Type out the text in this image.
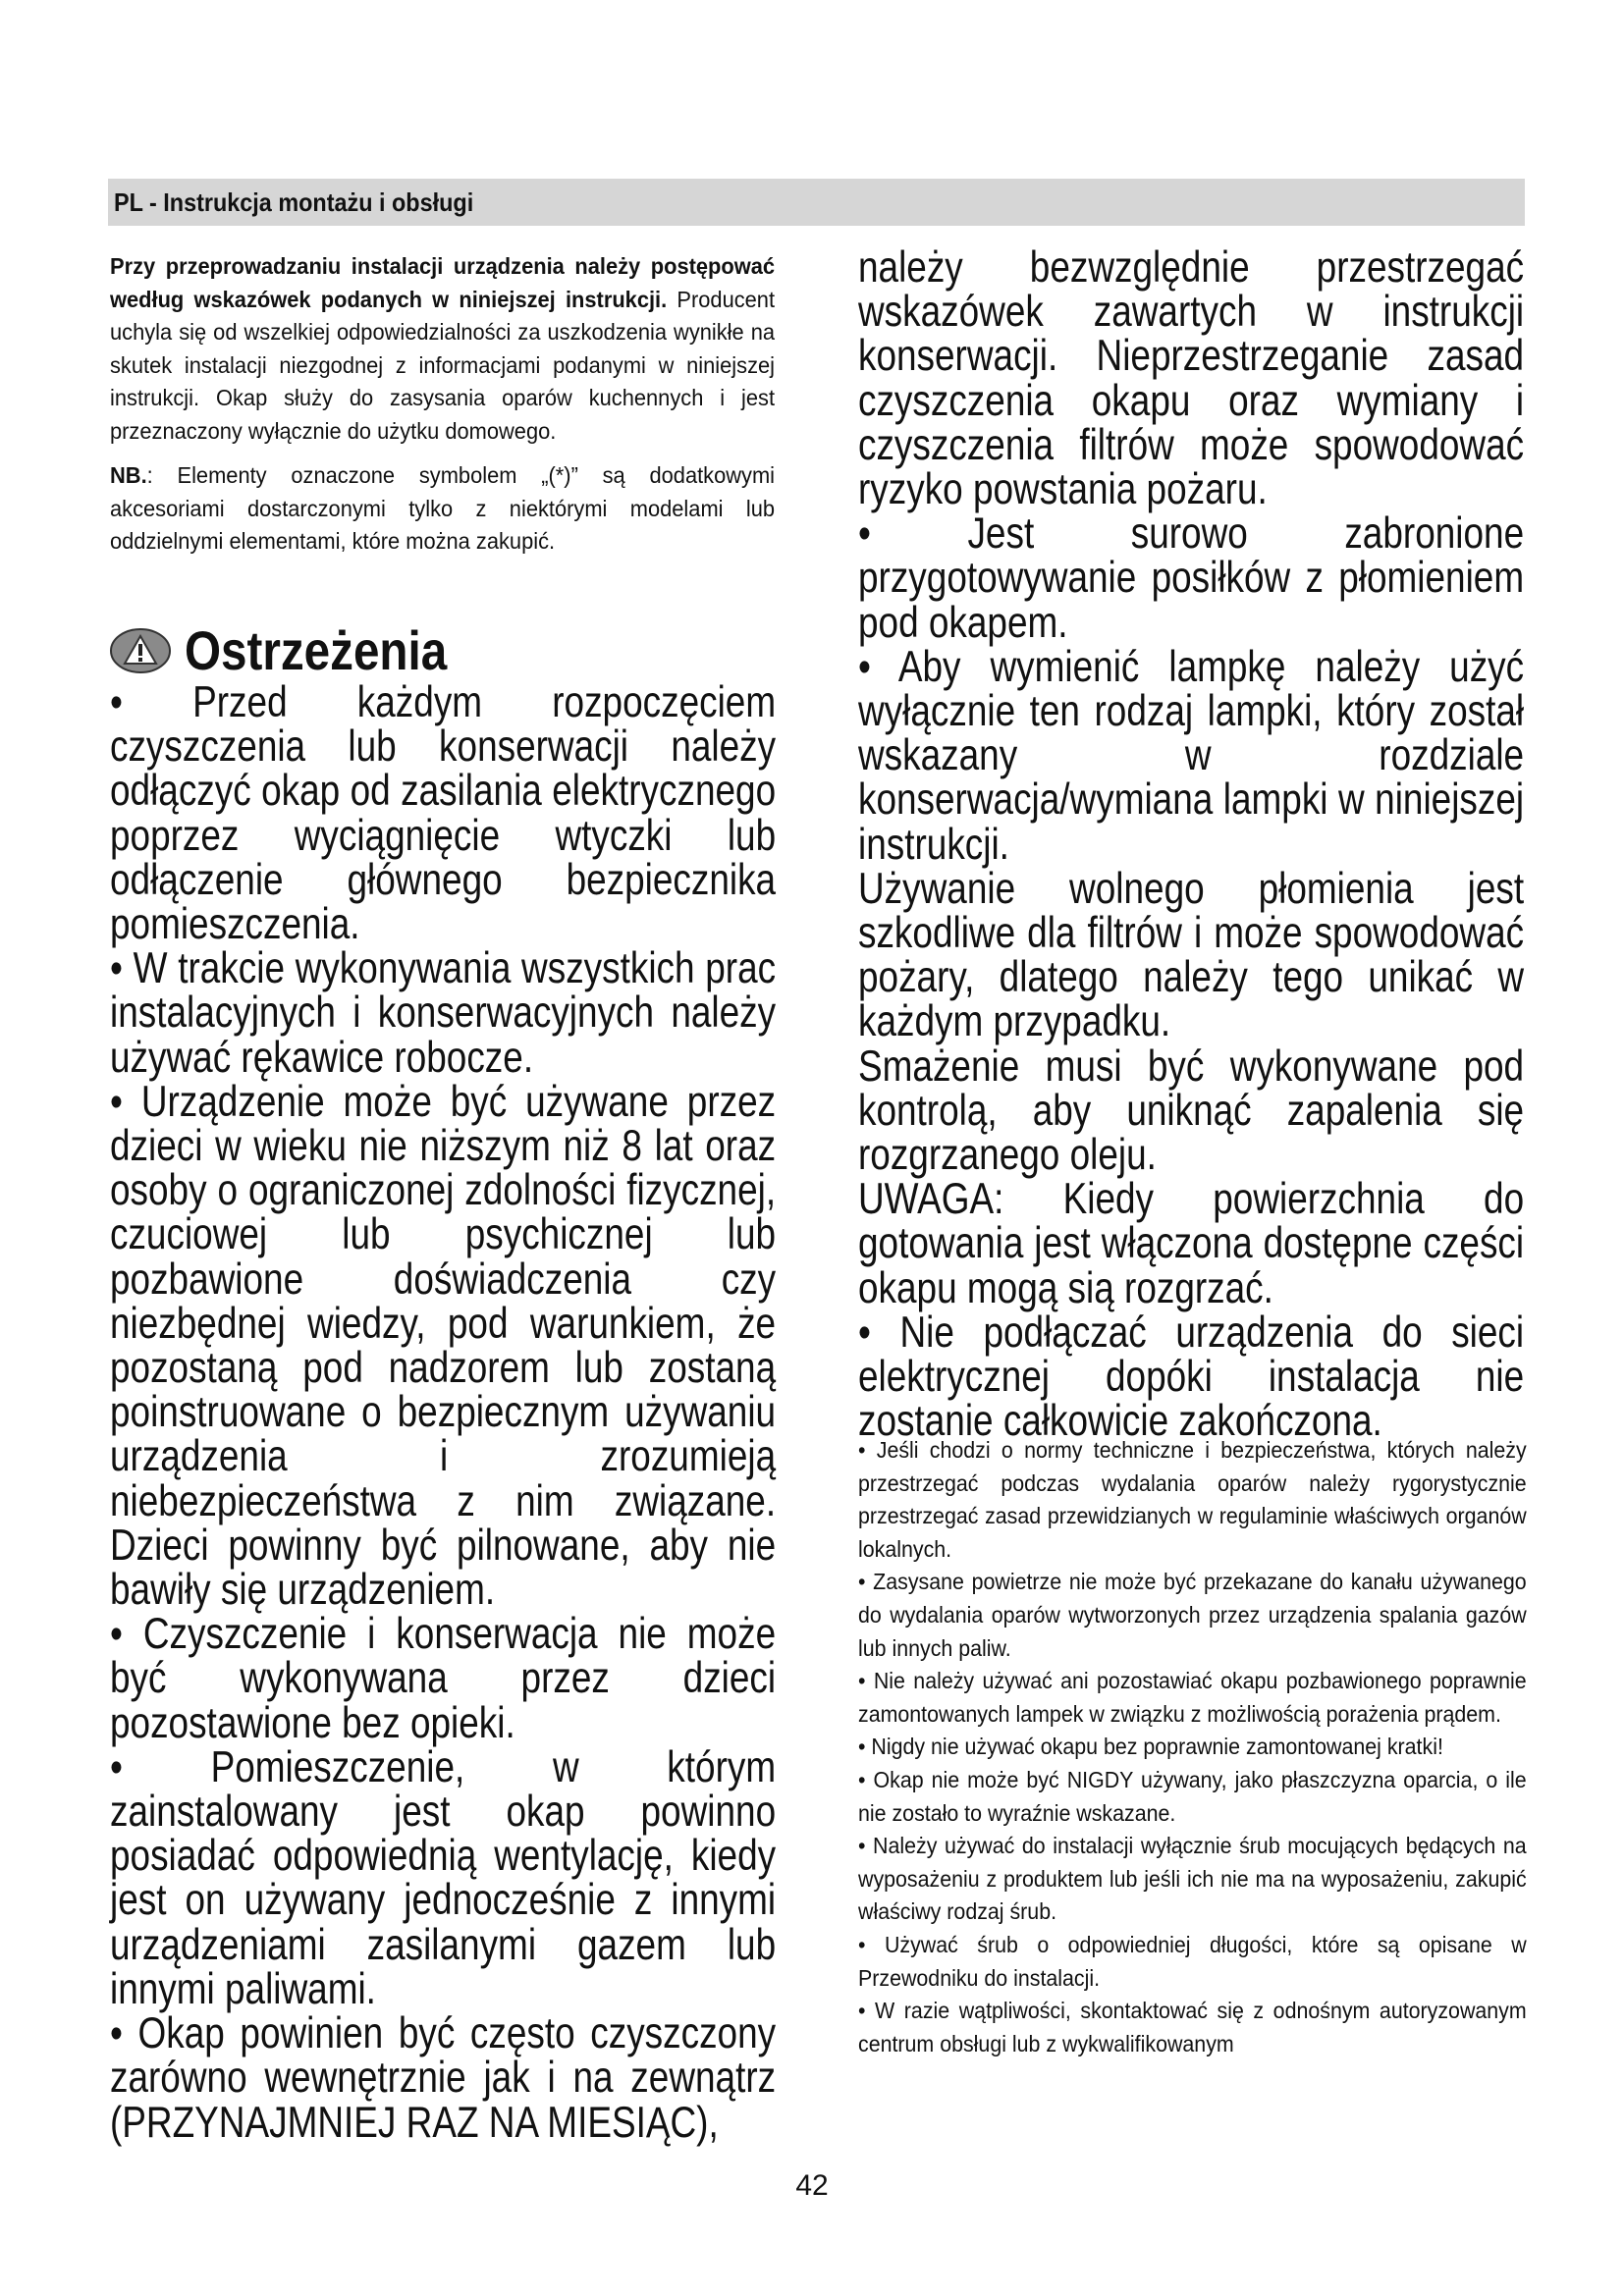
PL - Instrukcja montażu i obsługi

Przy przeprowadzaniu instalacji urządzenia należy postępować według wskazówek podanych w niniejszej instrukcji. Producent uchyla się od wszelkiej odpowiedzialności za uszkodzenia wynikłe na skutek instalacji niezgodnej z informacjami podanymi w niniejszej instrukcji. Okap służy do zasysania oparów kuchennych i jest przeznaczony wyłącznie do użytku domowego.

NB.: Elementy oznaczone symbolem „(*)” są dodatkowymi akcesoriami dostarczonymi tylko z niektórymi modelami lub oddzielnymi elementami, które można zakupić.

Ostrzeżenia

• Przed każdym rozpoczęciem czyszczenia lub konserwacji należy odłączyć okap od zasilania elektrycznego poprzez wyciągnięcie wtyczki lub odłączenie głównego bezpiecznika pomieszczenia.

• W trakcie wykonywania wszystkich prac instalacyjnych i konserwacyjnych należy używać rękawice robocze.

• Urządzenie może być używane przez dzieci w wieku nie niższym niż 8 lat oraz osoby o ograniczonej zdolności fizycznej, czuciowej lub psychicznej lub pozbawione doświadczenia czy niezbędnej wiedzy, pod warunkiem, że pozostaną pod nadzorem lub zostaną poinstruowane o bezpiecznym używaniu urządzenia i zrozumieją niebezpieczeństwa z nim związane. Dzieci powinny być pilnowane, aby nie bawiły się urządzeniem.

• Czyszczenie i konserwacja nie może być wykonywana przez dzieci pozostawione bez opieki.

• Pomieszczenie, w którym zainstalowany jest okap powinno posiadać odpowiednią wentylację, kiedy jest on używany jednocześnie z innymi urządzeniami zasilanymi gazem lub innymi paliwami.

• Okap powinien być często czyszczony zarówno wewnętrznie jak i na zewnątrz (PRZYNAJMNIEJ RAZ NA MIESIĄC),

należy bezwzględnie przestrzegać wskazówek zawartych w instrukcji konserwacji. Nieprzestrzeganie zasad czyszczenia okapu oraz wymiany i czyszczenia filtrów może spowodować ryzyko powstania pożaru.

• Jest surowo zabronione przygotowywanie posiłków z płomieniem pod okapem.

• Aby wymienić lampkę należy użyć wyłącznie ten rodzaj lampki, który został wskazany w rozdziale konserwacja/wymiana lampki w niniejszej instrukcji.

Używanie wolnego płomienia jest szkodliwe dla filtrów i może spowodować pożary, dlatego należy tego unikać w każdym przypadku.

Smażenie musi być wykonywane pod kontrolą, aby uniknąć zapalenia się rozgrzanego oleju.

UWAGA: Kiedy powierzchnia do gotowania jest włączona dostępne części okapu mogą sią rozgrzać.

• Nie podłączać urządzenia do sieci elektrycznej dopóki instalacja nie zostanie całkowicie zakończona.

• Jeśli chodzi o normy techniczne i bezpieczeństwa, których należy przestrzegać podczas wydalania oparów należy rygorystycznie przestrzegać zasad przewidzianych w regulaminie właściwych organów lokalnych.

• Zasysane powietrze nie może być przekazane do kanału używanego do wydalania oparów wytworzonych przez urządzenia spalania gazów lub innych paliw.

• Nie należy używać ani pozostawiać okapu pozbawionego poprawnie zamontowanych lampek w związku z możliwością porażenia prądem.

• Nigdy nie używać okapu bez poprawnie zamontowanej kratki!

• Okap nie może być NIGDY używany, jako płaszczyzna oparcia, o ile nie zostało to wyraźnie wskazane.

• Należy używać do instalacji wyłącznie śrub mocujących będących na wyposażeniu z produktem lub jeśli ich nie ma na wyposażeniu, zakupić właściwy rodzaj śrub.

• Używać śrub o odpowiedniej długości, które są opisane w Przewodniku do instalacji.

• W razie wątpliwości, skontaktować się z odnośnym autoryzowanym centrum obsługi lub z wykwalifikowanym

42
